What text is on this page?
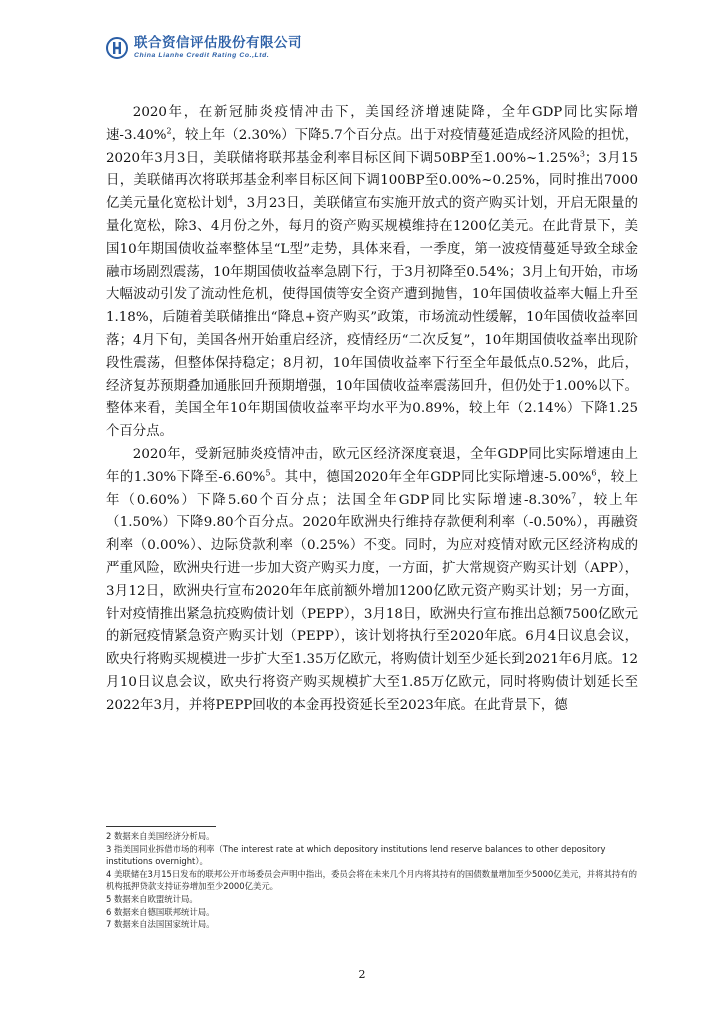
联合资信评估股份有限公司
China Lianhe Credit Rating Co.,Ltd.

2020年，在新冠肺炎疫情冲击下，美国经济增速陡降，全年GDP同比实际增速-3.40%$^2$，较上年（2.30%）下降5.7个百分点。出于对疫情蔓延造成经济风险的担忧，2020年3月3日，美联储将联邦基金利率目标区间下调50BP至1.00%~1.25%$^3$；3月15日，美联储再次将联邦基金利率目标区间下调100BP至0.00%~0.25%，同时推出7000亿美元量化宽松计划$^4$，3月23日，美联储宣布实施开放式的资产购买计划，开启无限量的量化宽松，除3、4月份之外，每月的资产购买规模维持在1200亿美元。在此背景下，美国10年期国债收益率整体呈“L型”走势，具体来看，一季度，第一波疫情蔓延导致全球金融市场剧烈震荡，10年期国债收益率急剧下行，于3月初降至0.54%；3月上旬开始，市场大幅波动引发了流动性危机，使得国债等安全资产遭到抛售，10年国债收益率大幅上升至1.18%，后随着美联储推出“降息+资产购买”政策，市场流动性缓解，10年国债收益率回落；4月下旬，美国各州开始重启经济，疫情经历“二次反复”，10年期国债收益率出现阶段性震荡，但整体保持稳定；8月初，10年国债收益率下行至全年最低点0.52%，此后，经济复苏预期叠加通胀回升预期增强，10年国债收益率震荡回升，但仍处于1.00%以下。整体来看，美国全年10年期国债收益率平均水平为0.89%，较上年（2.14%）下降1.25个百分点。

2020年，受新冠肺炎疫情冲击，欧元区经济深度衰退，全年GDP同比实际增速由上年的1.30%下降至-6.60%$^5$。其中，德国2020年全年GDP同比实际增速-5.00%$^6$，较上年（0.60%）下降5.60个百分点；法国全年GDP同比实际增速-8.30%$^7$，较上年（1.50%）下降9.80个百分点。2020年欧洲央行维持存款便利利率（-0.50%），再融资利率（0.00%）、边际贷款利率（0.25%）不变。同时，为应对疫情对欧元区经济构成的严重风险，欧洲央行进一步加大资产购买力度，一方面，扩大常规资产购买计划（APP），3月12日，欧洲央行宣布2020年年底前额外增加1200亿欧元资产购买计划；另一方面，针对疫情推出紧急抗疫购债计划（PEPP），3月18日，欧洲央行宣布推出总额7500亿欧元的新冠疫情紧急资产购买计划（PEPP），该计划将执行至2020年底。6月4日议息会议，欧央行将购买规模进一步扩大至1.35万亿欧元，将购债计划至少延长到2021年6月底。12月10日议息会议，欧央行将资产购买规模扩大至1.85万亿欧元，同时将购债计划延长至2022年3月，并将PEPP回收的本金再投资延长至2023年底。在此背景下，德

2 数据来自美国经济分析局。
3 指美国同业拆借市场的利率（The interest rate at which depository institutions lend reserve balances to other depository institutions overnight）。
4 美联储在3月15日发布的联邦公开市场委员会声明中指出，委员会将在未来几个月内将其持有的国债数量增加至少5000亿美元，并将其持有的机构抵押贷款支持证券增加至少2000亿美元。
5 数据来自欧盟统计局。
6 数据来自德国联邦统计局。
7 数据来自法国国家统计局。
2
